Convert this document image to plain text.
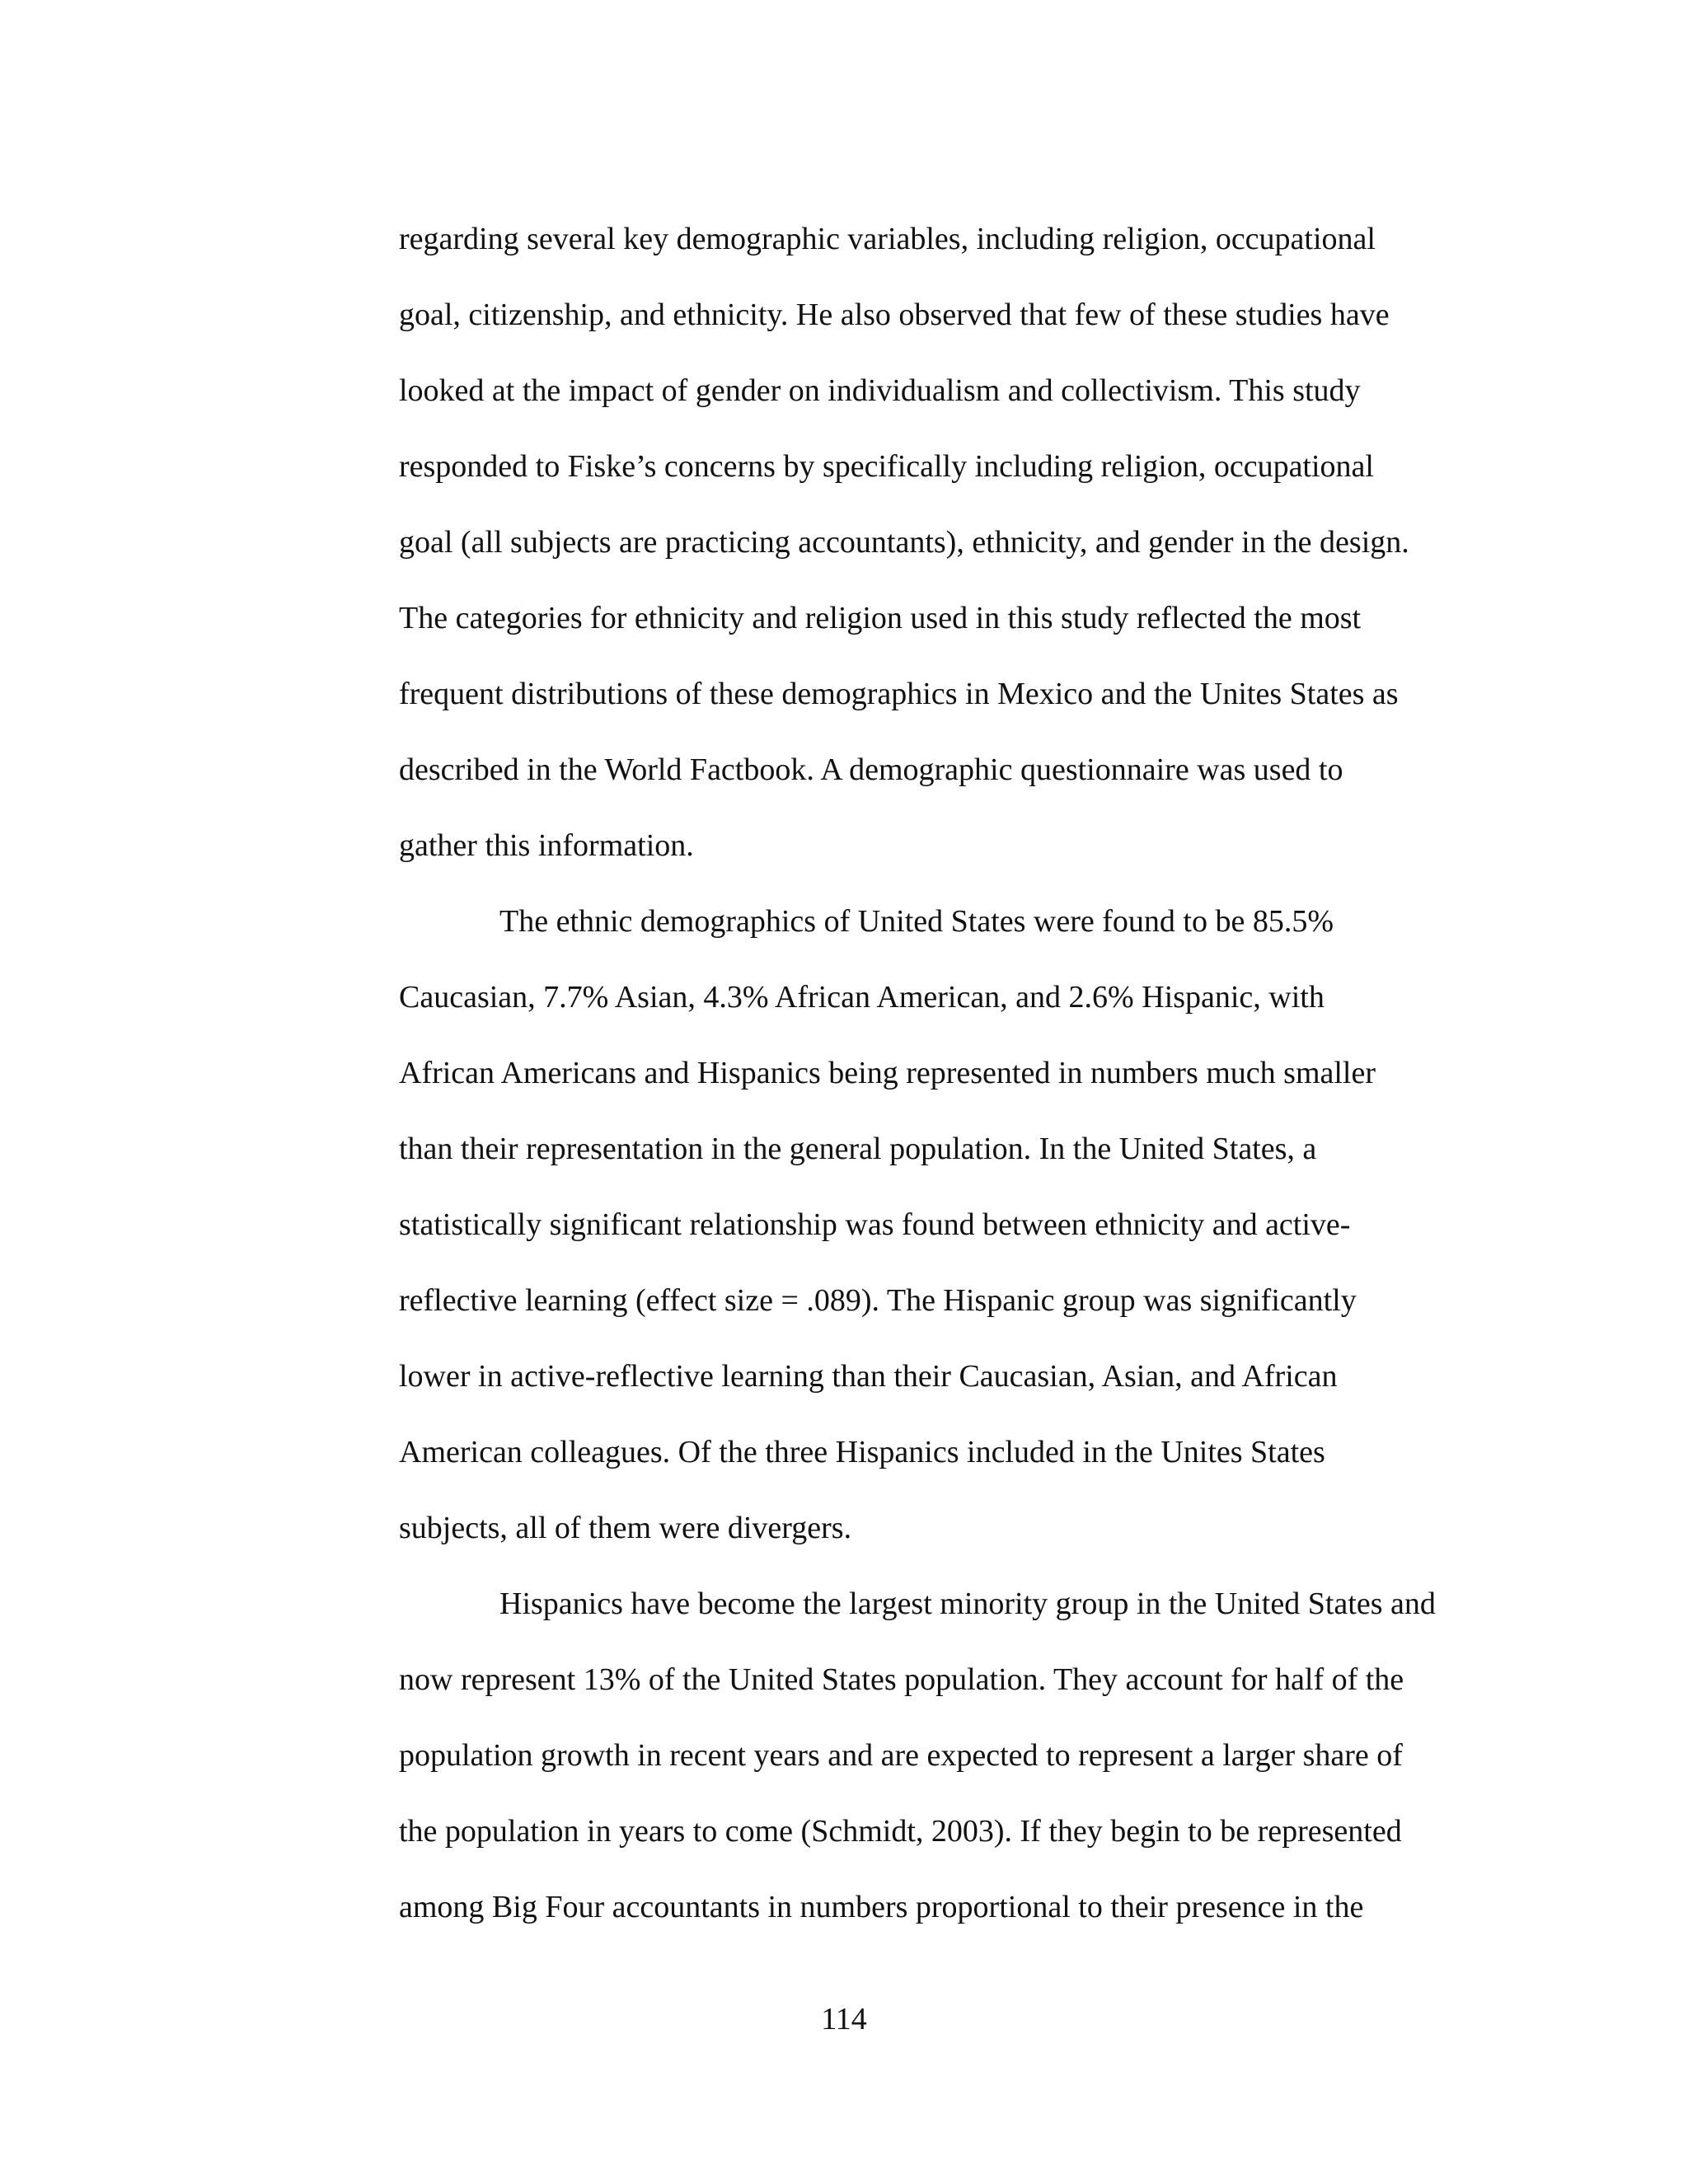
regarding several key demographic variables, including religion, occupational
goal, citizenship, and ethnicity. He also observed that few of these studies have
looked at the impact of gender on individualism and collectivism. This study
responded to Fiske’s concerns by specifically including religion, occupational
goal (all subjects are practicing accountants), ethnicity, and gender in the design.
The categories for ethnicity and religion used in this study reflected the most
frequent distributions of these demographics in Mexico and the Unites States as
described in the World Factbook. A demographic questionnaire was used to
gather this information.
The ethnic demographics of United States were found to be 85.5%
Caucasian, 7.7% Asian, 4.3% African American, and 2.6% Hispanic, with
African Americans and Hispanics being represented in numbers much smaller
than their representation in the general population. In the United States, a
statistically significant relationship was found between ethnicity and active-
reflective learning (effect size = .089). The Hispanic group was significantly
lower in active-reflective learning than their Caucasian, Asian, and African
American colleagues. Of the three Hispanics included in the Unites States
subjects, all of them were divergers.
Hispanics have become the largest minority group in the United States and
now represent 13% of the United States population. They account for half of the
population growth in recent years and are expected to represent a larger share of
the population in years to come (Schmidt, 2003). If they begin to be represented
among Big Four accountants in numbers proportional to their presence in the
114
